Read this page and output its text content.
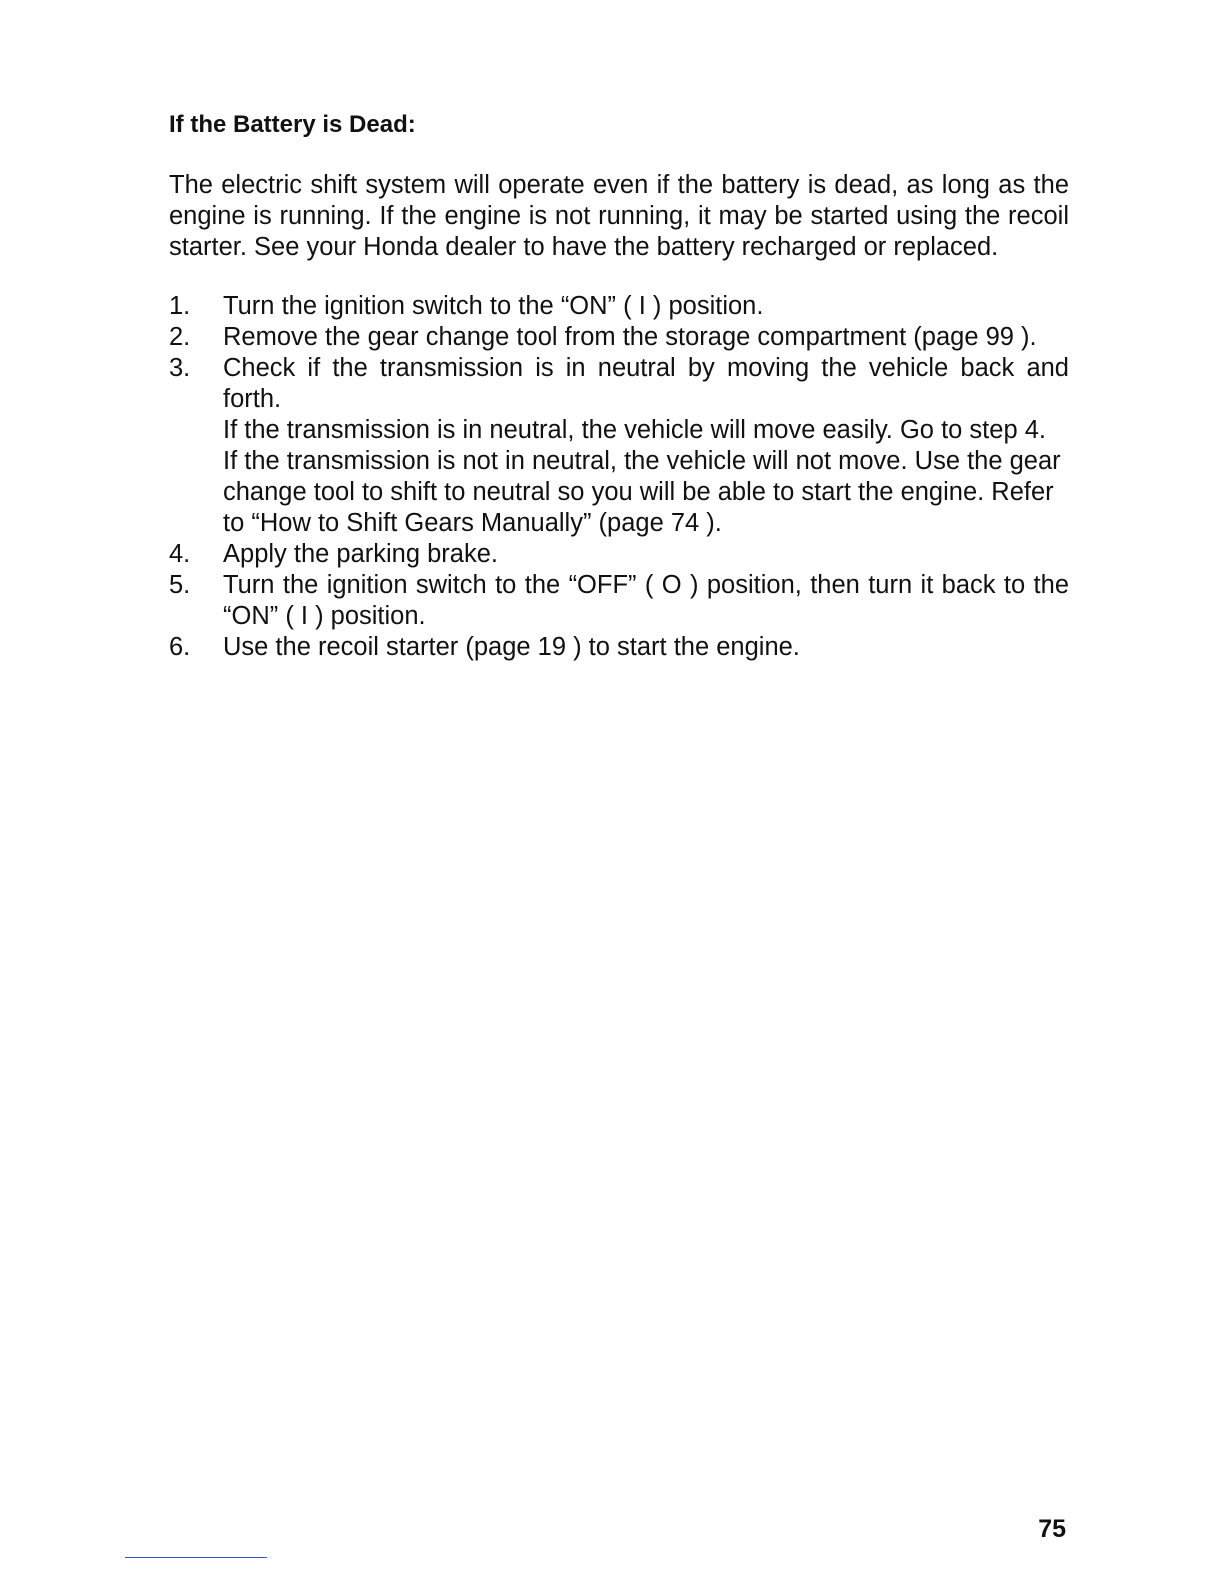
If the Battery is Dead:

The electric shift system will operate even if the battery is dead, as long as the engine is running. If the engine is not running, it may be started using the recoil starter. See your Honda dealer to have the battery recharged or replaced.

1.	Turn the ignition switch to the “ON” ( I ) position.
2.	Remove the gear change tool from the storage compartment (page 99 ).
3.	Check if the transmission is in neutral by moving the vehicle back and forth.
If the transmission is in neutral, the vehicle will move easily. Go to step 4.
If the transmission is not in neutral, the vehicle will not move. Use the gear change tool to shift to neutral so you will be able to start the engine. Refer to “How to Shift Gears Manually” (page 74 ).
4.	Apply the parking brake.
5.	Turn the ignition switch to the “OFF” ( O ) position, then turn it back to the “ON” ( I ) position.
6.	Use the recoil starter (page 19 ) to start the engine.
75
